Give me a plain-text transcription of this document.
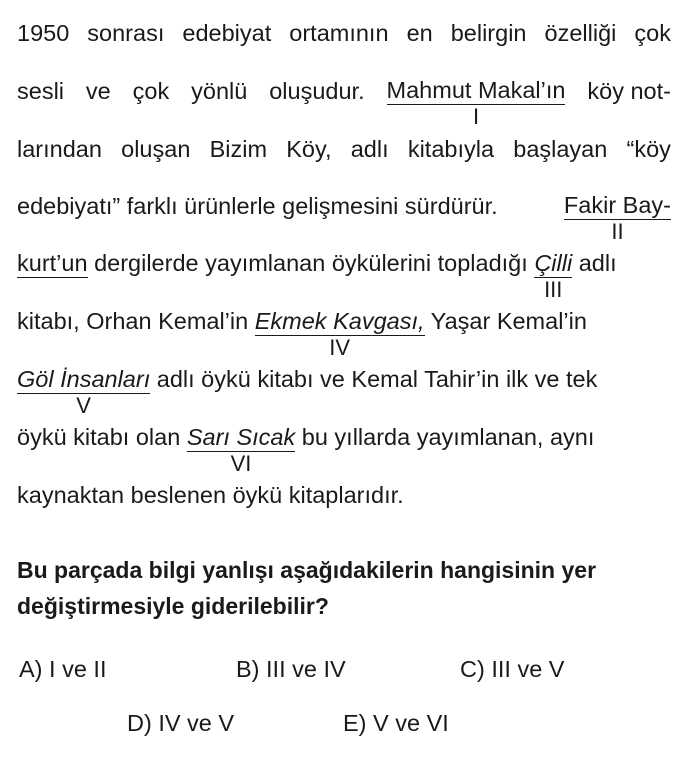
1950 sonrası edebiyat ortamının en belirgin özelliği çok
sesli ve çok yönlü oluşudur. Mahmut Makal’ın
I
köy not-
larından oluşan Bizim Köy, adlı kitabıyla başlayan “köy
edebiyatı” farklı ürünlerle gelişmesini sürdürür.	Fakir Bay-
II
kurt’un dergilerde yayımlanan öykülerini topladığı Çilli
III
adlı
kitabı, Orhan Kemal’in Ekmek Kavgası,
IV
Yaşar Kemal’in
Göl İnsanları
V
adlı öykü kitabı ve Kemal Tahir’in ilk ve tek
öykü kitabı olan Sarı Sıcak
VI
bu yıllarda yayımlanan, aynı
kaynaktan beslenen öykü kitaplarıdır.
Bu parçada bilgi yanlışı aşağıdakilerin hangisinin yer
değiştirmesiyle giderilebilir?
A) I ve II	B) III ve IV	C) III ve V
D) IV ve V	E) V ve VI
